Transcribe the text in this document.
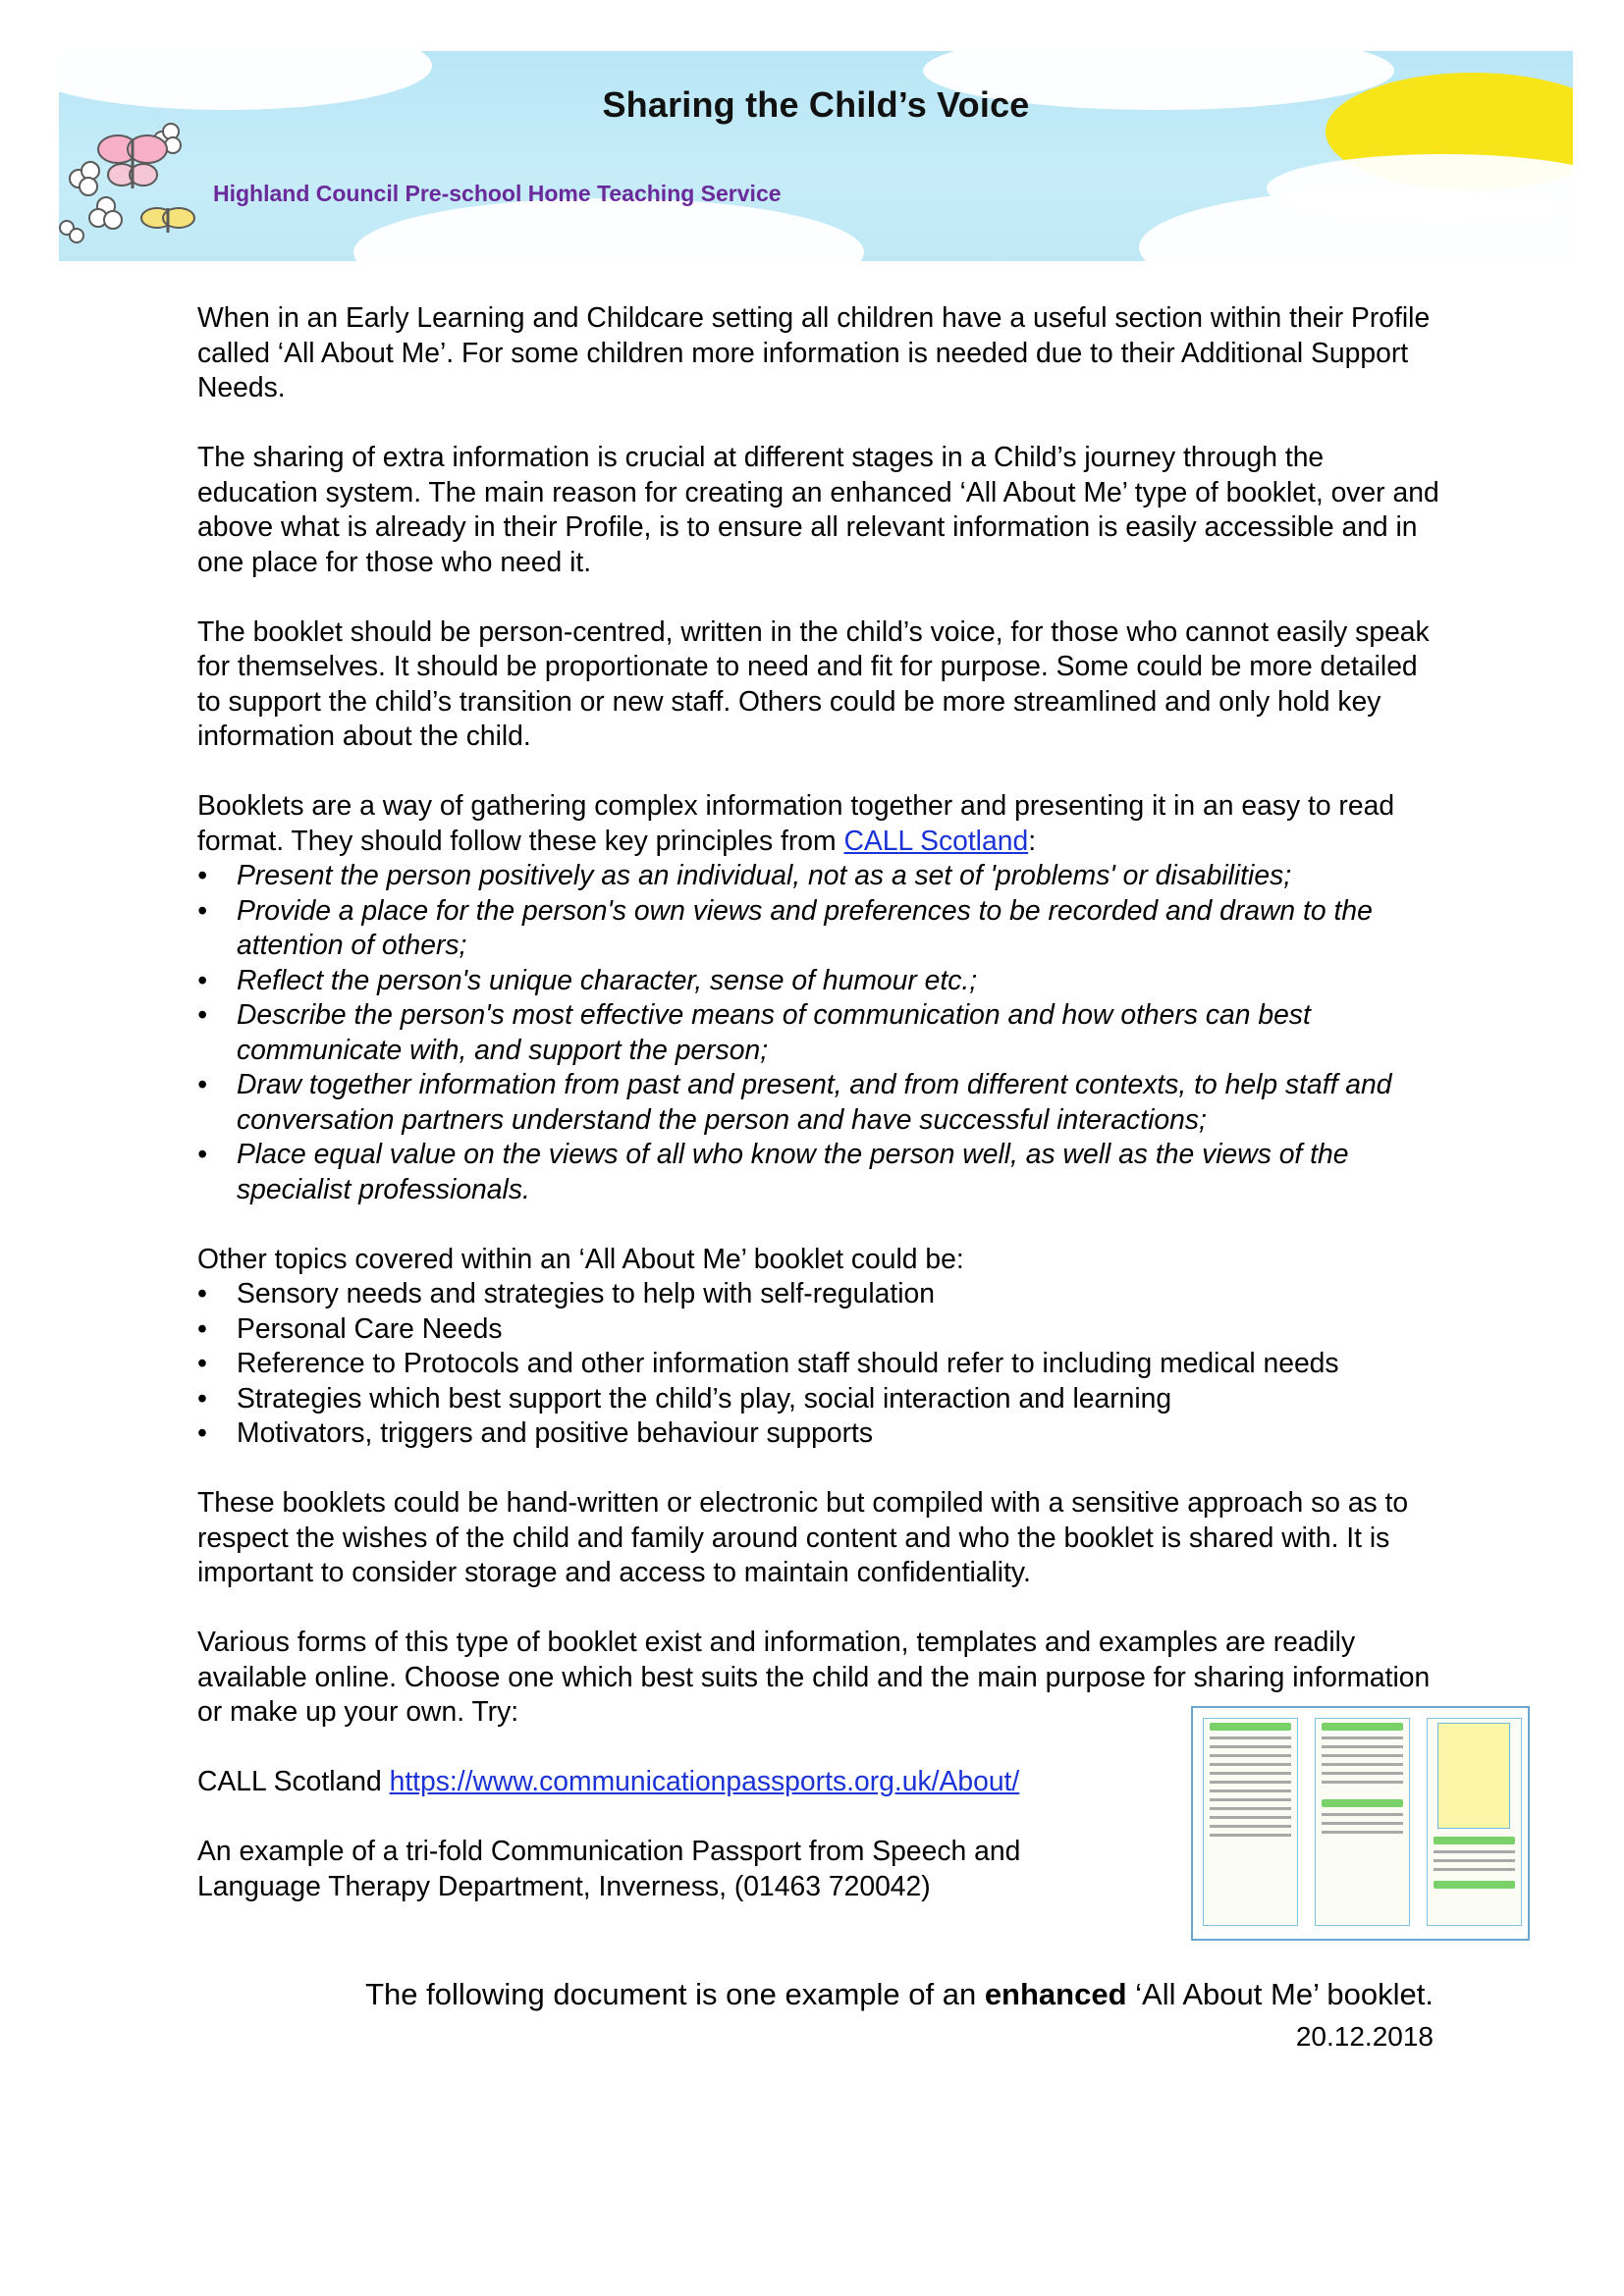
Sharing the Child’s Voice
Highland Council Pre-school Home Teaching Service

When in an Early Learning and Childcare setting all children have a useful section within their Profile called ‘All About Me’. For some children more information is needed due to their Additional Support Needs.

The sharing of extra information is crucial at different stages in a Child’s journey through the education system. The main reason for creating an enhanced ‘All About Me’ type of booklet, over and above what is already in their Profile, is to ensure all relevant information is easily accessible and in one place for those who need it.

The booklet should be person-centred, written in the child’s voice, for those who cannot easily speak for themselves. It should be proportionate to need and fit for purpose. Some could be more detailed to support the child’s transition or new staff. Others could be more streamlined and only hold key information about the child.

Booklets are a way of gathering complex information together and presenting it in an easy to read format. They should follow these key principles from CALL Scotland:

• Present the person positively as an individual, not as a set of 'problems' or disabilities;
• Provide a place for the person's own views and preferences to be recorded and drawn to the attention of others;
• Reflect the person's unique character, sense of humour etc.;
• Describe the person's most effective means of communication and how others can best communicate with, and support the person;
• Draw together information from past and present, and from different contexts, to help staff and conversation partners understand the person and have successful interactions;
• Place equal value on the views of all who know the person well, as well as the views of the specialist professionals.

Other topics covered within an ‘All About Me’ booklet could be:

• Sensory needs and strategies to help with self-regulation
• Personal Care Needs
• Reference to Protocols and other information staff should refer to including medical needs
• Strategies which best support the child’s play, social interaction and learning
• Motivators, triggers and positive behaviour supports

These booklets could be hand-written or electronic but compiled with a sensitive approach so as to respect the wishes of the child and family around content and who the booklet is shared with. It is important to consider storage and access to maintain confidentiality.

Various forms of this type of booklet exist and information, templates and examples are readily available online. Choose one which best suits the child and the main purpose for sharing information or make up your own. Try:

CALL Scotland https://www.communicationpassports.org.uk/About/

An example of a tri-fold Communication Passport from Speech and Language Therapy Department, Inverness, (01463 720042)

The following document is one example of an enhanced ‘All About Me’ booklet.
20.12.2018
